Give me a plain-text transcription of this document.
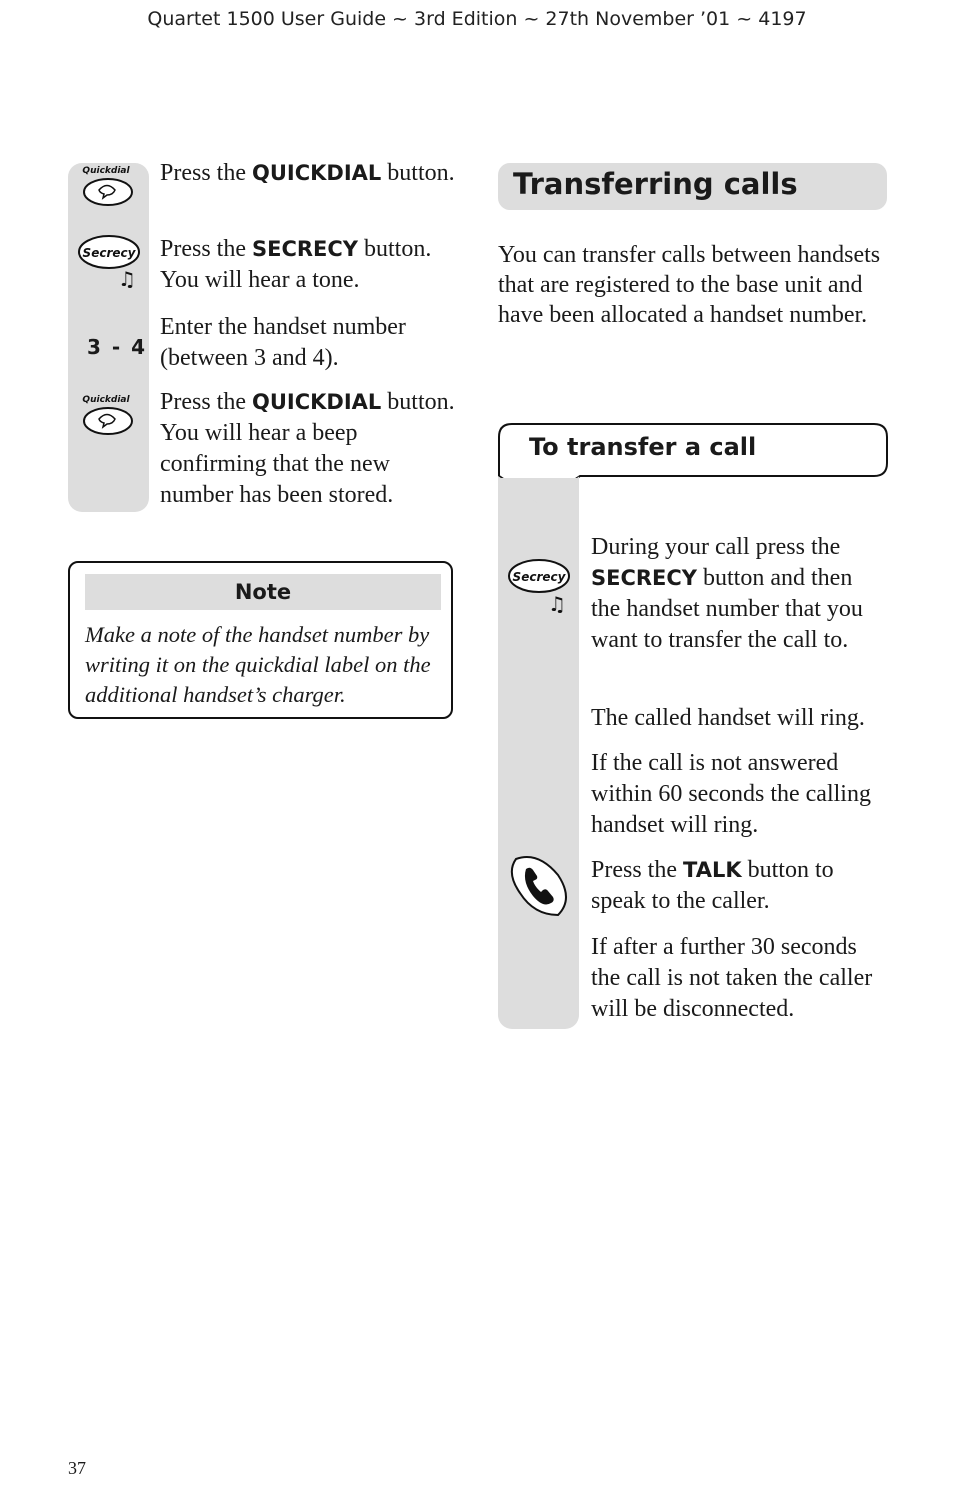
Quartet 1500 User Guide ~ 3rd Edition ~ 27th November ’01 ~ 4197
Quickdial Press the QUICKDIAL button.
Secrecy
♫
Press the SECRECY button. You will hear a tone.
3 - 4
Enter the handset number (between 3 and 4).
Quickdial Press the QUICKDIAL button. You will hear a beep confirming that the new number has been stored.
Note
Make a note of the handset number by writing it on the quickdial label on the additional handset’s charger.
Transferring calls
You can transfer calls between handsets that are registered to the base unit and have been allocated a handset number.
To transfer a call
Secrecy
♫
During your call press the SECRECY button and then the handset number that you want to transfer the call to.
The called handset will ring.
If the call is not answered within 60 seconds the calling handset will ring.
Press the TALK button to speak to the caller.
If after a further 30 seconds the call is not taken the caller will be disconnected.
37
